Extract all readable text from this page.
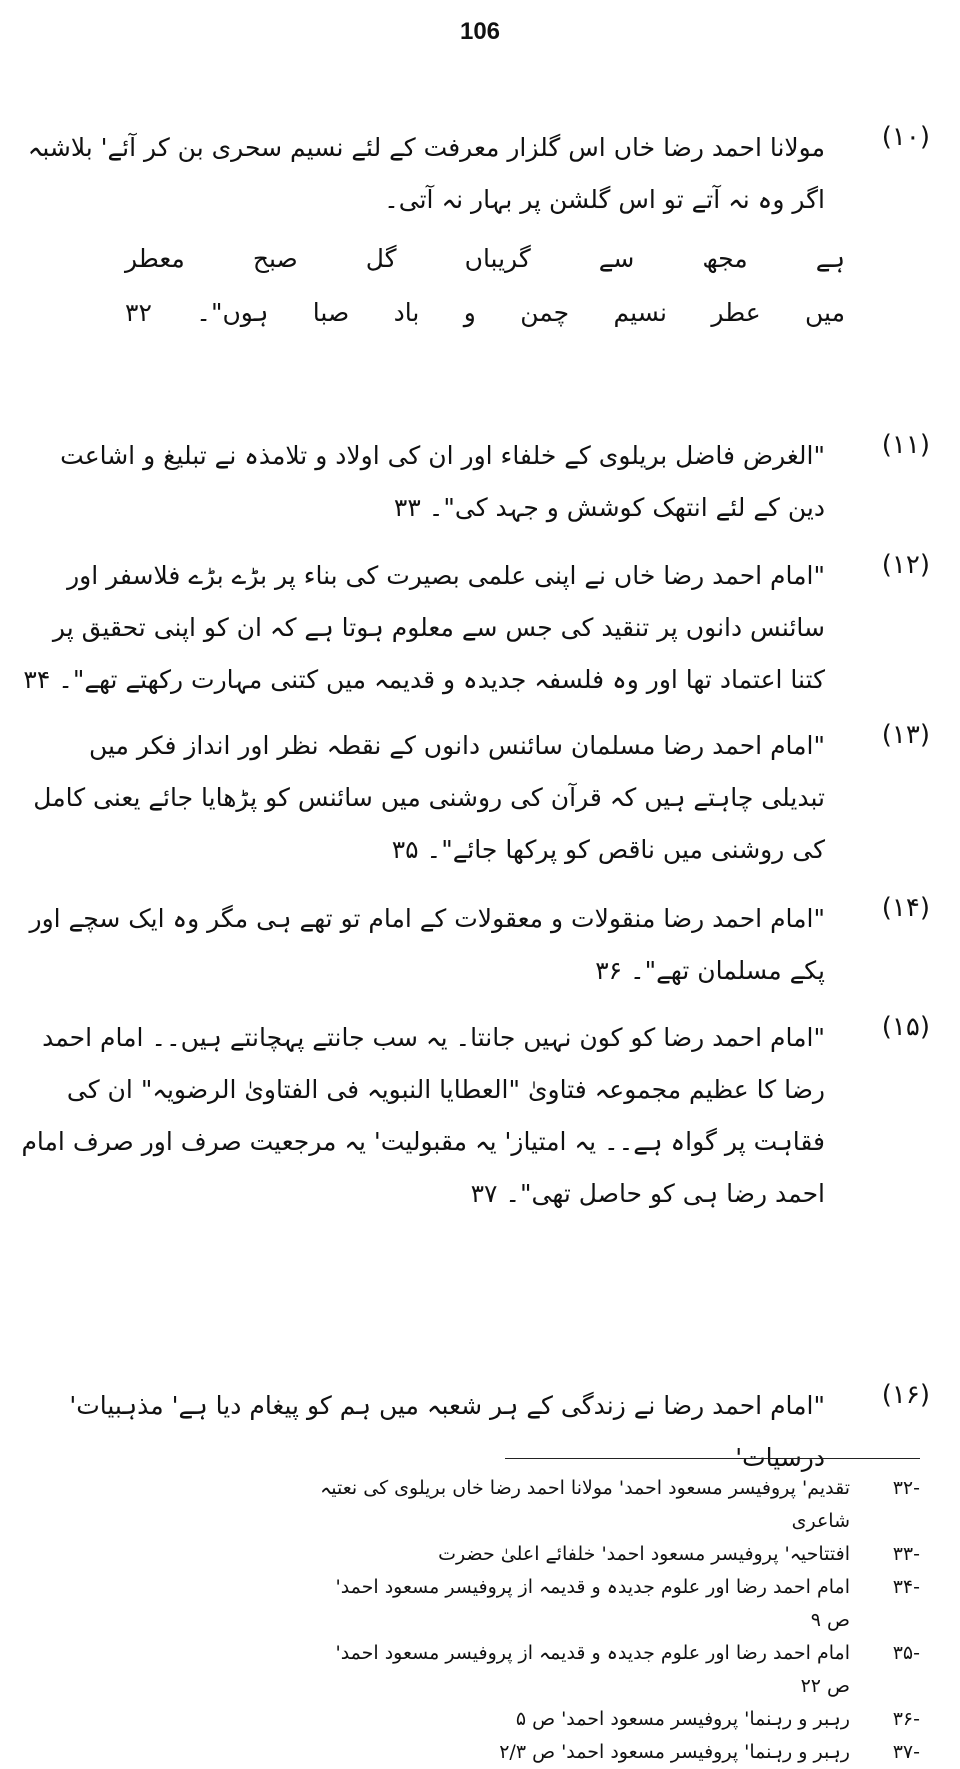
106
(۱۰)
مولانا احمد رضا خاں اس گلزار معرفت کے لئے نسیم سحری بن کر آئے' بلاشبہ اگر وہ نہ آتے تو اس گلشن پر بہار نہ آتی۔
ہے
مجھ
سے
گریباں
گل
صبح
معطر
میں
عطر
نسیم
چمن
و
باد
صبا
ہوں"۔
۳۲
(۱۱)
"الغرض فاضل بریلوی کے خلفاء اور ان کی اولاد و تلامذہ نے تبلیغ و اشاعت دین کے لئے انتھک کوشش و جہد کی"۔ ۳۳
(۱۲)
"امام احمد رضا خاں نے اپنی علمی بصیرت کی بناء پر بڑے بڑے فلاسفر اور سائنس دانوں پر تنقید کی جس سے معلوم ہوتا ہے کہ ان کو اپنی تحقیق پر کتنا اعتماد تھا اور وہ فلسفہ جدیدہ و قدیمہ میں کتنی مہارت رکھتے تھے"۔ ۳۴
(۱۳)
"امام احمد رضا مسلمان سائنس دانوں کے نقطہ نظر اور انداز فکر میں تبدیلی چاہتے ہیں کہ قرآن کی روشنی میں سائنس کو پڑھایا جائے یعنی کامل کی روشنی میں ناقص کو پرکھا جائے"۔ ۳۵
(۱۴)
"امام احمد رضا منقولات و معقولات کے امام تو تھے ہی مگر وہ ایک سچے اور پکے مسلمان تھے"۔ ۳۶
(۱۵)
"امام احمد رضا کو کون نہیں جانتا۔ یہ سب جانتے پہچانتے ہیں۔۔ امام احمد رضا کا عظیم مجموعہ فتاویٰ "العطایا النبویہ فی الفتاویٰ الرضویہ" ان کی فقاہت پر گواہ ہے۔۔ یہ امتیاز' یہ مقبولیت' یہ مرجعیت صرف اور صرف امام احمد رضا ہی کو حاصل تھی"۔ ۳۷
(۱۶)
"امام احمد رضا نے زندگی کے ہر شعبہ میں ہم کو پیغام دیا ہے' مذہبیات' درسیات'
-۳۲
تقدیم' پروفیسر مسعود احمد' مولانا احمد رضا خاں بریلوی کی نعتیہ شاعری
-۳۳
افتتاحیہ' پروفیسر مسعود احمد' خلفائے اعلیٰ حضرت
-۳۴
امام احمد رضا اور علوم جدیدہ و قدیمہ از پروفیسر مسعود احمد' ص ۹
-۳۵
امام احمد رضا اور علوم جدیدہ و قدیمہ از پروفیسر مسعود احمد' ص ۲۲
-۳۶
رہبر و رہنما' پروفیسر مسعود احمد' ص ۵
-۳۷
رہبر و رہنما' پروفیسر مسعود احمد' ص ۲/۳
